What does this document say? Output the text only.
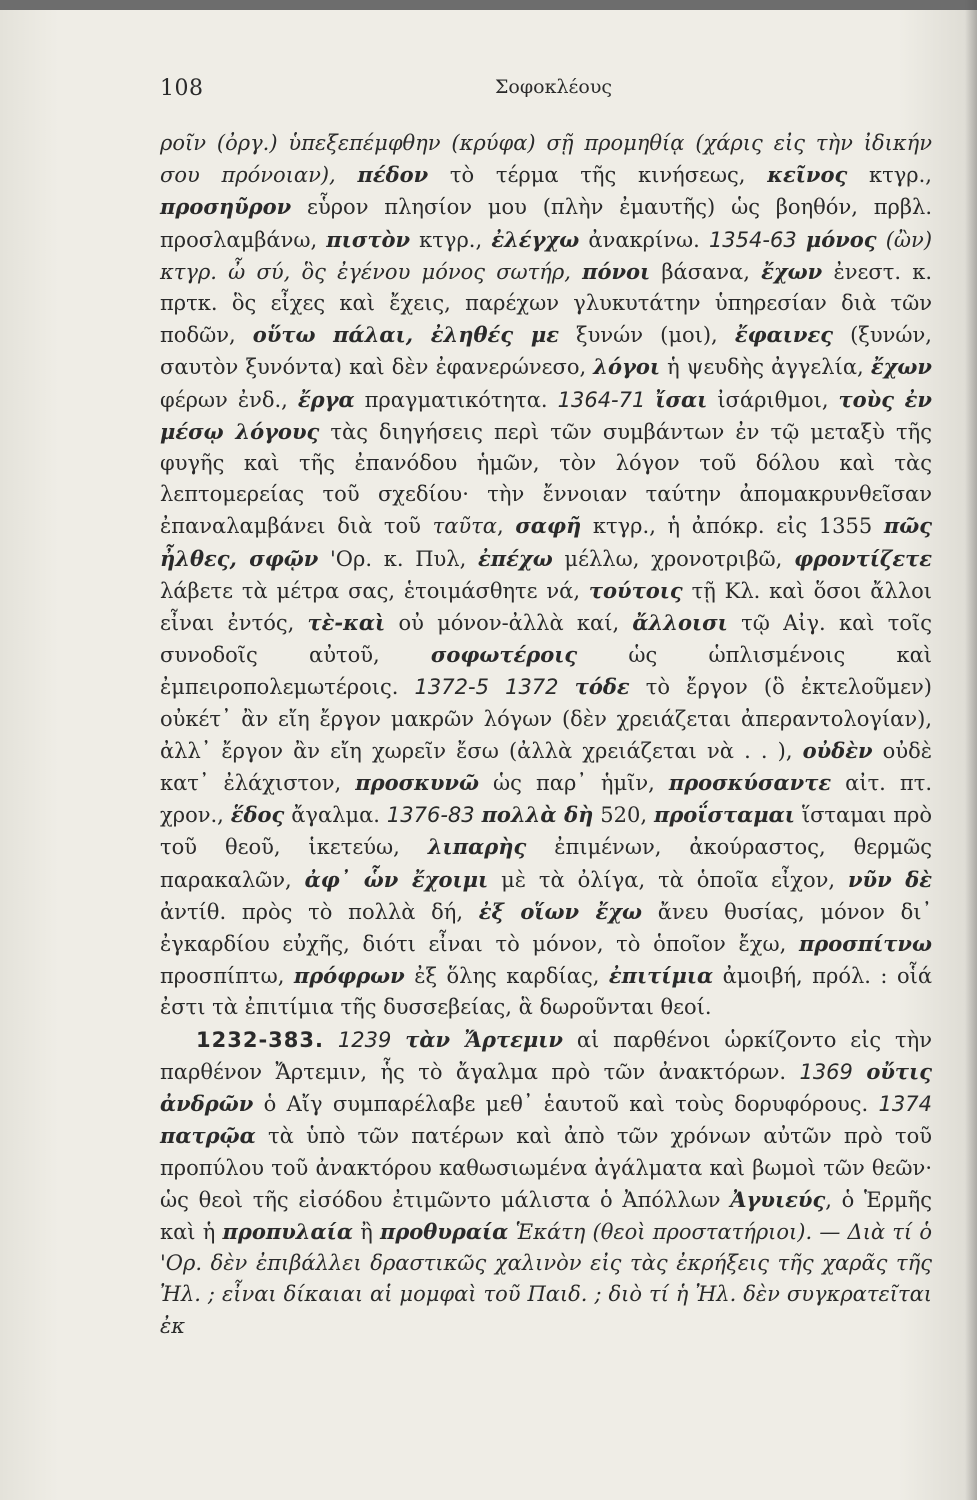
108	Σοφοκλέους

ροῖν (ὀργ.) ὑπεξεπέμφθην (κρύφα) σῇ προμηθίᾳ (χάρις εἰς τὴν ἰδικήν σου πρόνοιαν), πέδον τὸ τέρμα τῆς κινήσεως, κεῖνος κτγρ., προσηῦρον εὗρον πλησίον μου (πλὴν ἐμαυτῆς) ὡς βοηθόν, πρβλ. προσλαμβάνω, πιστὸν κτγρ., ἐλέγχω ἀνακρίνω. 1354-63 μόνος (ὢν) κτγρ. ὦ σύ, ὃς ἐγένου μόνος σωτήρ, πόνοι βάσανα, ἔχων ἐνεστ. κ. πρτκ. ὃς εἶχες καὶ ἔχεις, παρέχων γλυκυτάτην ὑπηρεσίαν διὰ τῶν ποδῶν, οὕτω πάλαι, ἐληθές με ξυνών (μοι), ἔφαινες (ξυνών, σαυτὸν ξυνόντα) καὶ δὲν ἐφανερώνεσο, λόγοι ἡ ψευδὴς ἀγγελία, ἔχων φέρων ἐνδ., ἔργα πραγματικότητα. 1364-71 ἴσαι ἰσάριθμοι, τοὺς ἐν μέσῳ λόγους τὰς διηγήσεις περὶ τῶν συμβάντων ἐν τῷ μεταξὺ τῆς φυγῆς καὶ τῆς ἐπανόδου ἡμῶν, τὸν λόγον τοῦ δόλου καὶ τὰς λεπτομερείας τοῦ σχεδίου· τὴν ἔννοιαν ταύτην ἀπομακρυνθεῖσαν ἐπαναλαμβάνει διὰ τοῦ ταῦτα, σαφῆ κτγρ., ἡ ἀπόκρ. εἰς 1355 πῶς ἦλθες, σφῷν 'Ορ. κ. Πυλ, ἐπέχω μέλλω, χρονοτριβῶ, φροντίζετε λάβετε τὰ μέτρα σας, ἑτοιμάσθητε νά, τούτοις τῇ Κλ. καὶ ὅσοι ἄλλοι εἶναι ἐντός, τὲ-καὶ οὐ μόνον-ἀλλὰ καί, ἄλλοισι τῷ Αἰγ. καὶ τοῖς συνοδοῖς αὐτοῦ, σοφωτέροις ὡς ὡπλισμένοις καὶ ἐμπειροπολεμωτέροις. 1372-5 1372 τόδε τὸ ἔργον (ὃ ἐκτελοῦμεν) οὐκέτ᾽ ἂν εἴη ἔργον μακρῶν λόγων (δὲν χρειάζεται ἀπεραντολογίαν), ἀλλ᾽ ἔργον ἂν εἴη χωρεῖν ἔσω (ἀλλὰ χρειάζεται νὰ . . ), οὐδὲν οὐδὲ κατ᾽ ἐλάχιστον, προσκυνῶ ὡς παρ᾽ ἡμῖν, προσκύσαντε αἰτ. πτ. χρον., ἕδος ἄγαλμα. 1376-83 πολλὰ δὴ 520, προΐσταμαι ἵσταμαι πρὸ τοῦ θεοῦ, ἱκετεύω, λιπαρὴς ἐπιμένων, ἀκούραστος, θερμῶς παρακαλῶν, ἀφ᾽ ὧν ἔχοιμι μὲ τὰ ὀλίγα, τὰ ὁποῖα εἶχον, νῦν δὲ ἀντίθ. πρὸς τὸ πολλὰ δή, ἐξ οἵων ἔχω ἄνευ θυσίας, μόνον δι᾽ ἐγκαρδίου εὐχῆς, διότι εἶναι τὸ μόνον, τὸ ὁποῖον ἔχω, προσπίτνω προσπίπτω, πρόφρων ἐξ ὅλης καρδίας, ἐπιτίμια ἀμοιβή, πρόλ. : οἷά ἐστι τὰ ἐπιτίμια τῆς δυσσεβείας, ἃ δωροῦνται θεοί.

1232-383. 1239 τὰν Ἄρτεμιν αἱ παρθένοι ὡρκίζοντο εἰς τὴν παρθένον Ἄρτεμιν, ἧς τὸ ἄγαλμα πρὸ τῶν ἀνακτόρων. 1369 οὔτις ἀνδρῶν ὁ Αἴγ συμπαρέλαβε μεθ᾽ ἑαυτοῦ καὶ τοὺς δορυφόρους. 1374 πατρῷα τὰ ὑπὸ τῶν πατέρων καὶ ἀπὸ τῶν χρόνων αὐτῶν πρὸ τοῦ προπύλου τοῦ ἀνακτόρου καθωσιωμένα ἀγάλματα καὶ βωμοὶ τῶν θεῶν· ὡς θεοὶ τῆς εἰσόδου ἐτιμῶντο μάλιστα ὁ Ἀπόλλων Ἀγυιεύς, ὁ Ἑρμῆς καὶ ἡ προπυλαία ἢ προθυραία Ἑκάτη (θεοὶ προστατήριοι). — Διὰ τί ὁ 'Ορ. δὲν ἐπιβάλλει δραστικῶς χαλινὸν εἰς τὰς ἐκρήξεις τῆς χαρᾶς τῆς Ἠλ. ; εἶναι δίκαιαι αἱ μομφαὶ τοῦ Παιδ. ; διὸ τί ἡ Ἠλ. δὲν συγκρατεῖται ἐκ
